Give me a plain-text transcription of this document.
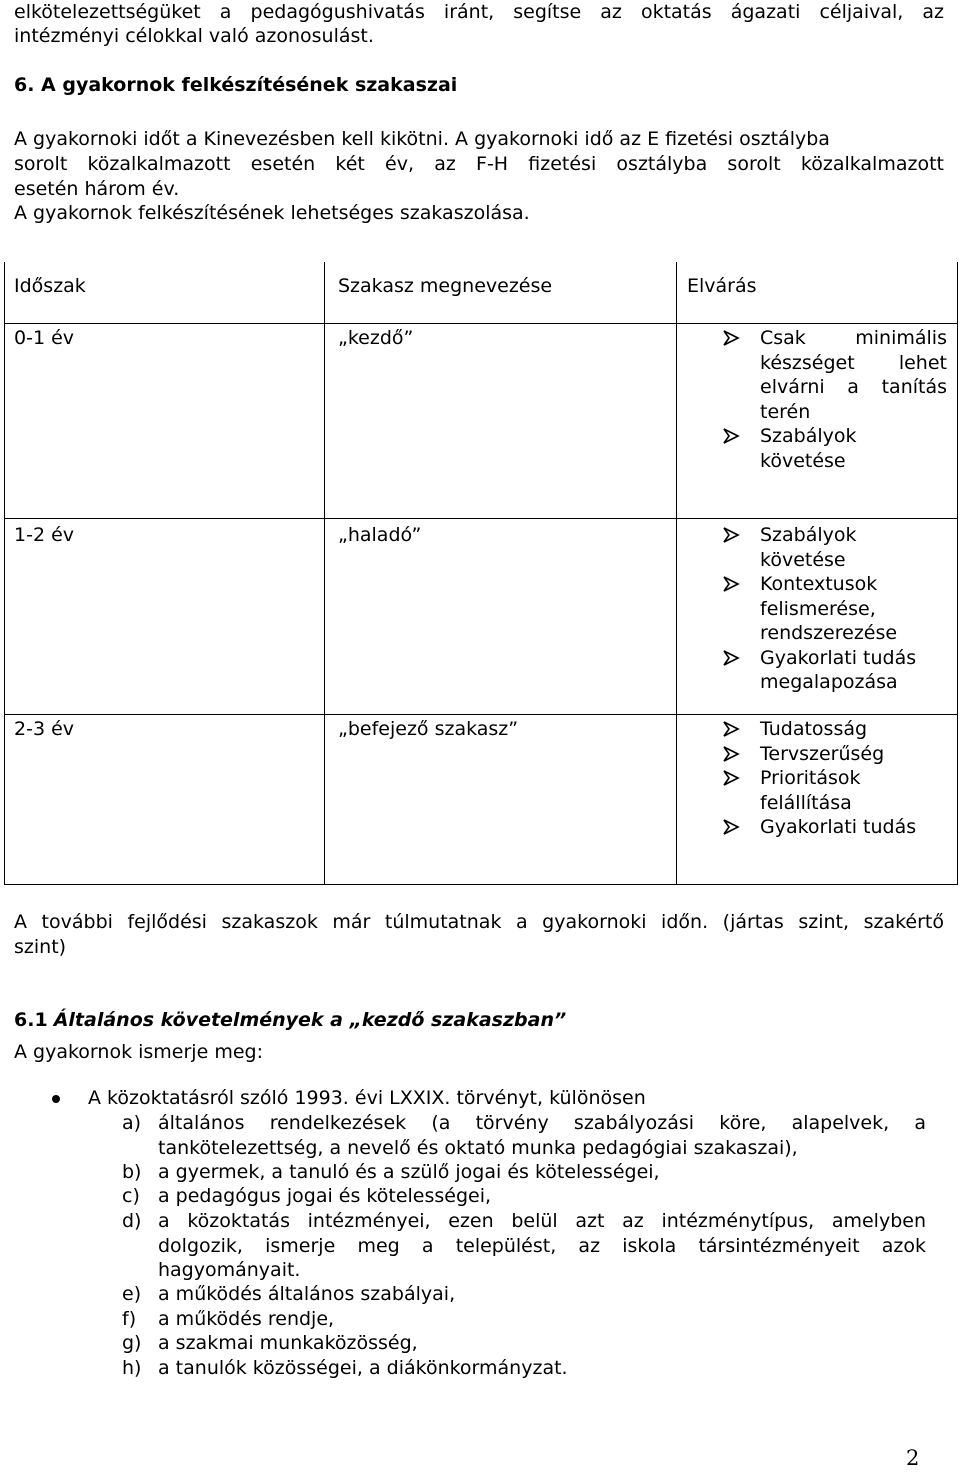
elkötelezettségüket a pedagógushivatás iránt, segítse az oktatás ágazati céljaival, az

intézményi célokkal való azonosulást.

6. A gyakornok felkészítésének szakaszai

A gyakornoki időt a Kinevezésben kell kikötni. A gyakornoki idő az E fizetési osztályba

sorolt közalkalmazott esetén két év, az F-H fizetési osztályba sorolt közalkalmazott

esetén három év.

A gyakornok felkészítésének lehetséges szakaszolása.

Időszak	Szakasz megnevezése	Elvárás
0-1 év	„kezdő”	Csak minimális
készséget lehet
elvárni a tanítás
terén
Szabályok
követése
1-2 év	„haladó”	Szabályok
követése
Kontextusok
felismerése,
rendszerezése
Gyakorlati tudás
megalapozása
2-3 év	„befejező szakasz”	Tudatosság
Tervszerűség
Prioritások
felállítása
Gyakorlati tudás

A további fejlődési szakaszok már túlmutatnak a gyakornoki időn. (jártas szint, szakértő

szint)

6.1 Általános követelmények a „kezdő szakaszban”

A gyakornok ismerje meg:

A közoktatásról szóló 1993. évi LXXIX. törvényt, különösen

a) általános rendelkezések (a törvény szabályozási köre, alapelvek, a
tankötelezettség, a nevelő és oktató munka pedagógiai szakaszai),
b) a gyermek, a tanuló és a szülő jogai és kötelességei,
c) a pedagógus jogai és kötelességei,
d) a közoktatás intézményei, ezen belül azt az intézménytípus, amelyben
dolgozik, ismerje meg a települést, az iskola társintézményeit azok
hagyományait.
e) a működés általános szabályai,
f)	a működés rendje,
g) a szakmai munkaközösség,
h) a tanulók közösségei, a diákönkormányzat.
2
